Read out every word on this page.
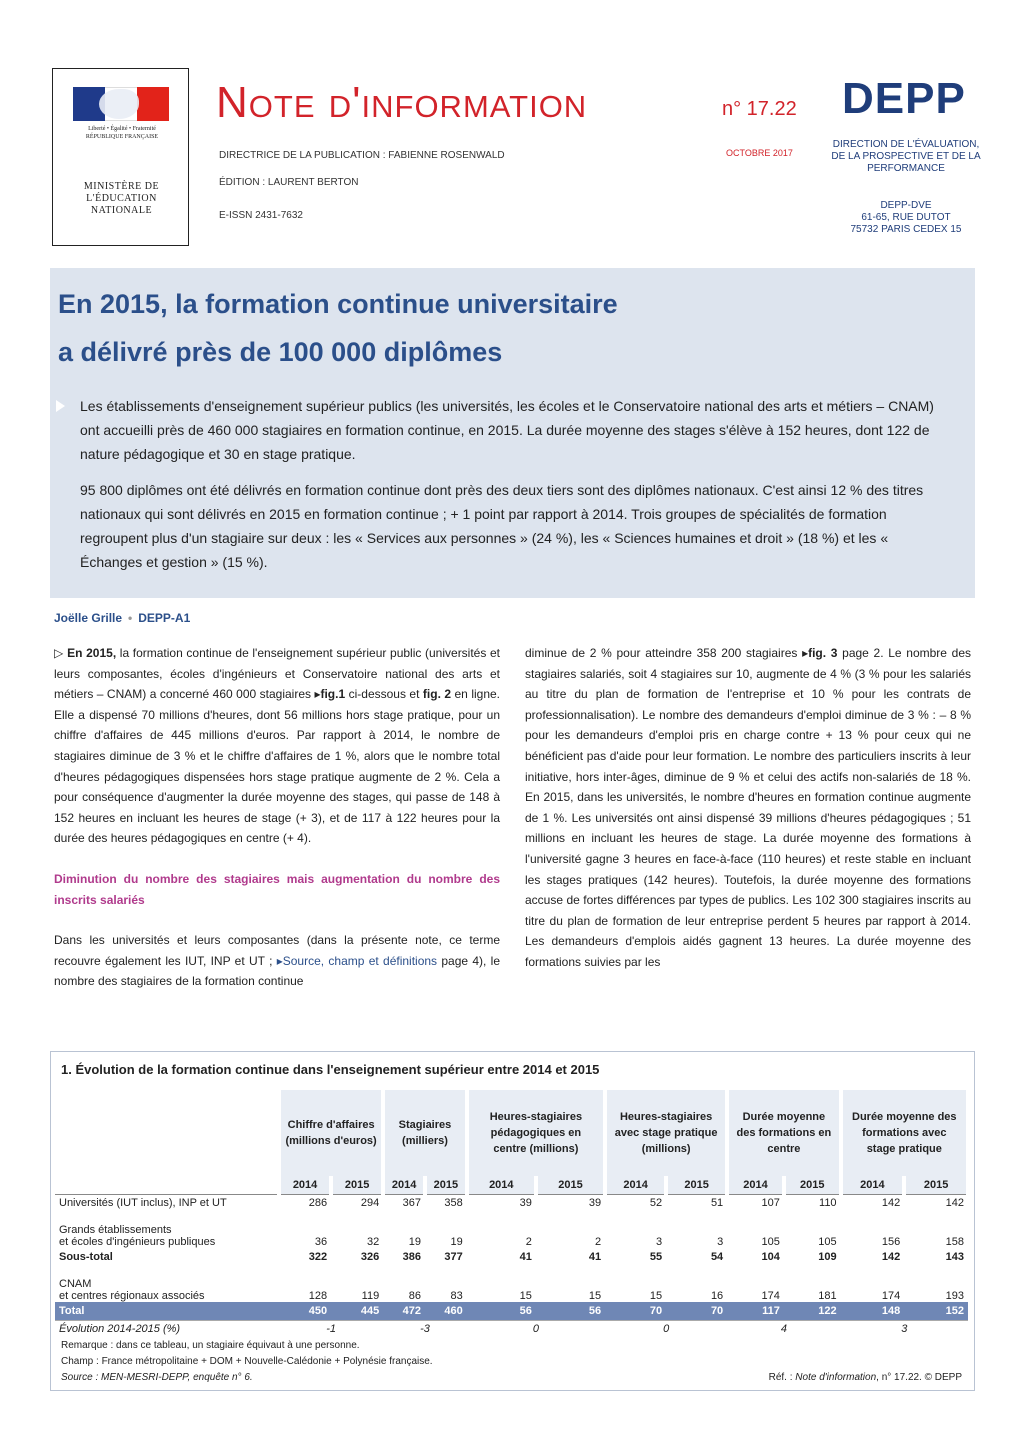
Liberté • Égalité • Fraternité
RÉPUBLIQUE FRANÇAISE
MINISTÈRE DE L'ÉDUCATION NATIONALE
Note d'information	n° 17.22
DIRECTRICE DE LA PUBLICATION : FABIENNE ROSENWALD
ÉDITION : LAURENT BERTON
E-ISSN 2431-7632
OCTOBRE 2017
DEPP
DIRECTION DE L'ÉVALUATION, DE LA PROSPECTIVE ET DE LA PERFORMANCE
DEPP-DVE
61-65, RUE DUTOT
75732 PARIS CEDEX 15
En 2015, la formation continue universitaire
a délivré près de 100 000 diplômes

Les établissements d'enseignement supérieur publics (les universités, les écoles et le Conservatoire national des arts et métiers – CNAM) ont accueilli près de 460 000 stagiaires en formation continue, en 2015. La durée moyenne des stages s'élève à 152 heures, dont 122 de nature pédagogique et 30 en stage pratique.

95 800 diplômes ont été délivrés en formation continue dont près des deux tiers sont des diplômes nationaux. C'est ainsi 12 % des titres nationaux qui sont délivrés en 2015 en formation continue ; + 1 point par rapport à 2014. Trois groupes de spécialités de formation regroupent plus d'un stagiaire sur deux : les « Services aux personnes » (24 %), les « Sciences humaines et droit » (18 %) et les « Échanges et gestion » (15 %).

Joëlle Grille • DEPP-A1

▷ En 2015, la formation continue de l'enseignement supérieur public (universités et leurs composantes, écoles d'ingénieurs et Conservatoire national des arts et métiers – CNAM) a concerné 460 000 stagiaires ▸fig.1 ci-dessous et fig. 2 en ligne. Elle a dispensé 70 millions d'heures, dont 56 millions hors stage pratique, pour un chiffre d'affaires de 445 millions d'euros. Par rapport à 2014, le nombre de stagiaires diminue de 3 % et le chiffre d'affaires de 1 %, alors que le nombre total d'heures pédagogiques dispensées hors stage pratique augmente de 2 %. Cela a pour conséquence d'augmenter la durée moyenne des stages, qui passe de 148 à 152 heures en incluant les heures de stage (+ 3), et de 117 à 122 heures pour la durée des heures pédagogiques en centre (+ 4).

Diminution du nombre des stagiaires mais augmentation du nombre des inscrits salariés

Dans les universités et leurs composantes (dans la présente note, ce terme recouvre également les IUT, INP et UT ; ▸Source, champ et définitions page 4), le nombre des stagiaires de la formation continue

diminue de 2 % pour atteindre 358 200 stagiaires ▸fig. 3 page 2. Le nombre des stagiaires salariés, soit 4 stagiaires sur 10, augmente de 4 % (3 % pour les salariés au titre du plan de formation de l'entreprise et 10 % pour les contrats de professionnalisation). Le nombre des demandeurs d'emploi diminue de 3 % : – 8 % pour les demandeurs d'emploi pris en charge contre + 13 % pour ceux qui ne bénéficient pas d'aide pour leur formation. Le nombre des particuliers inscrits à leur initiative, hors inter-âges, diminue de 9 % et celui des actifs non-salariés de 18 %. En 2015, dans les universités, le nombre d'heures en formation continue augmente de 1 %. Les universités ont ainsi dispensé 39 millions d'heures pédagogiques ; 51 millions en incluant les heures de stage. La durée moyenne des formations à l'université gagne 3 heures en face-à-face (110 heures) et reste stable en incluant les stages pratiques (142 heures). Toutefois, la durée moyenne des formations accuse de fortes différences par types de publics. Les 102 300 stagiaires inscrits au titre du plan de formation de leur entreprise perdent 5 heures par rapport à 2014. Les demandeurs d'emplois aidés gagnent 13 heures. La durée moyenne des formations suivies par les

1. Évolution de la formation continue dans l'enseignement supérieur entre 2014 et 2015
	Chiffre d'affaires (millions d'euros)		Stagiaires (milliers)		Heures-stagiaires pédagogiques en centre (millions)		Heures-stagiaires avec stage pratique (millions)		Durée moyenne des formations en centre		Durée moyenne des formations avec stage pratique	
	2014	2015	2014	2015	2014	2015	2014	2015	2014	2015	2014	2015
Universités (IUT inclus), INP et UT	286	294	367	358	39	39	52	51	107	110	142	142

Grands établissements
et écoles d'ingénieurs publiques	36	32	19	19	2	2	3	3	105	105	156	158
Sous-total	322	326	386	377	41	41	55	54	104	109	142	143

CNAM
et centres régionaux associés	128	119	86	83	15	15	15	16	174	181	174	193
Total	450	445	472	460	56	56	70	70	117	122	148	152
Évolution 2014-2015 (%)	-1		-3		0		0		4		3	
Remarque : dans ce tableau, un stagiaire équivaut à une personne.
Champ : France métropolitaine + DOM + Nouvelle-Calédonie + Polynésie française.
Source : MEN-MESRI-DEPP, enquête n° 6.	Réf. : Note d'information, n° 17.22. © DEPP
